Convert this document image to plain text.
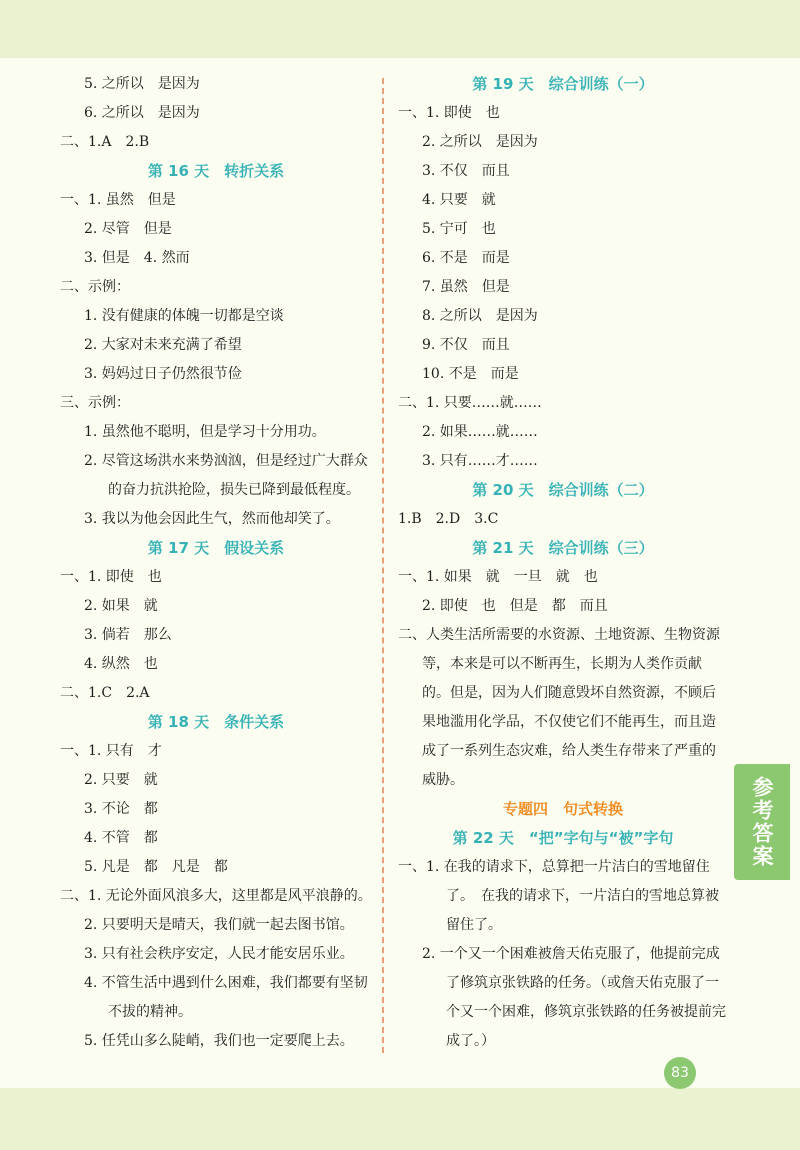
5. 之所以　是因为
6. 之所以　是因为
二、1.A　2.B
第 16 天　转折关系
一、1. 虽然　但是
2. 尽管　但是
3. 但是　4. 然而
二、示例：
1. 没有健康的体魄一切都是空谈
2. 大家对未来充满了希望
3. 妈妈过日子仍然很节俭
三、示例：
1. 虽然他不聪明，但是学习十分用功。
2. 尽管这场洪水来势汹汹，但是经过广大群众的奋力抗洪抢险，损失已降到最低程度。
3. 我以为他会因此生气，然而他却笑了。
第 17 天　假设关系
一、1. 即使　也
2. 如果　就
3. 倘若　那么
4. 纵然　也
二、1.C　2.A
第 18 天　条件关系
一、1. 只有　才
2. 只要　就
3. 不论　都
4. 不管　都
5. 凡是　都　凡是　都
二、1. 无论外面风浪多大，这里都是风平浪静的。
2. 只要明天是晴天，我们就一起去图书馆。
3. 只有社会秩序安定，人民才能安居乐业。
4. 不管生活中遇到什么困难，我们都要有坚韧不拔的精神。
5. 任凭山多么陡峭，我们也一定要爬上去。
第 19 天　综合训练（一）
一、1. 即使　也
2. 之所以　是因为
3. 不仅　而且
4. 只要　就
5. 宁可　也
6. 不是　而是
7. 虽然　但是
8. 之所以　是因为
9. 不仅　而且
10. 不是　而是
二、1. 只要……就……
2. 如果……就……
3. 只有……才……
第 20 天　综合训练（二）
1.B　2.D　3.C
第 21 天　综合训练（三）
一、1. 如果　就　一旦　就　也
2. 即使　也　但是　都　而且
二、人类生活所需要的水资源、土地资源、生物资源等，本来是可以不断再生，长期为人类作贡献的。但是，因为人们随意毁坏自然资源，不顾后果地滥用化学品，不仅使它们不能再生，而且造成了一系列生态灾难，给人类生存带来了严重的威胁。
专题四　句式转换
第 22 天　“把”字句与“被”字句
一、1. 在我的请求下，总算把一片洁白的雪地留住了。　在我的请求下，一片洁白的雪地总算被留住了。
2. 一个又一个困难被詹天佑克服了，他提前完成了修筑京张铁路的任务。（或詹天佑克服了一个又一个困难，修筑京张铁路的任务被提前完成了。）
参考答案
83
